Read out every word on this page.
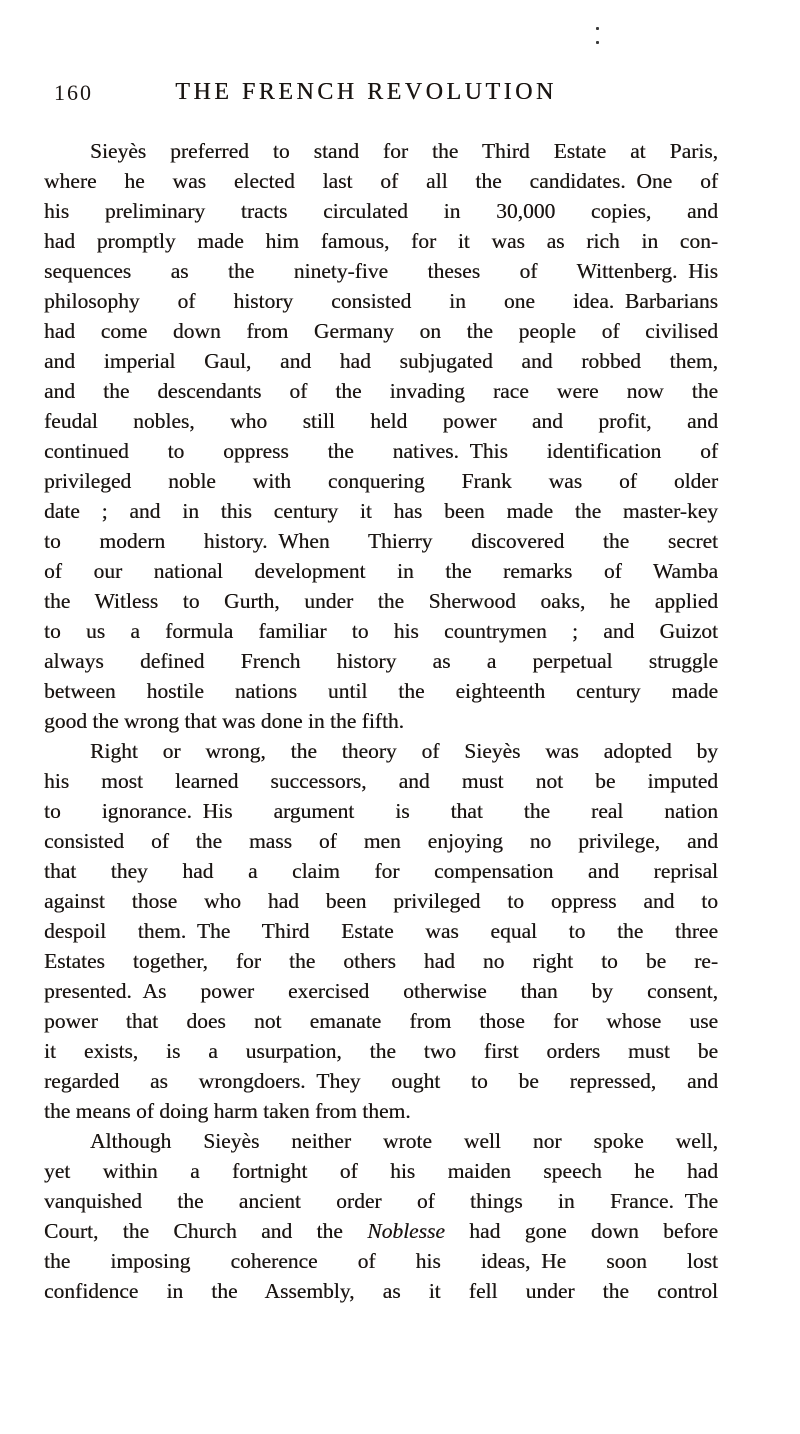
160	THE FRENCH REVOLUTION
Sieyès preferred to stand for the Third Estate at Paris,
where he was elected last of all the candidates. One of
his preliminary tracts circulated in 30,000 copies, and
had promptly made him famous, for it was as rich in con-
sequences as the ninety-five theses of Wittenberg. His
philosophy of history consisted in one idea. Barbarians
had come down from Germany on the people of civilised
and imperial Gaul, and had subjugated and robbed them,
and the descendants of the invading race were now the
feudal nobles, who still held power and profit, and
continued to oppress the natives. This identification of
privileged noble with conquering Frank was of older
date ; and in this century it has been made the master-key
to modern history. When Thierry discovered the secret
of our national development in the remarks of Wamba
the Witless to Gurth, under the Sherwood oaks, he applied
to us a formula familiar to his countrymen ; and Guizot
always defined French history as a perpetual struggle
between hostile nations until the eighteenth century made
good the wrong that was done in the fifth.
Right or wrong, the theory of Sieyès was adopted by
his most learned successors, and must not be imputed
to ignorance. His argument is that the real nation
consisted of the mass of men enjoying no privilege, and
that they had a claim for compensation and reprisal
against those who had been privileged to oppress and to
despoil them. The Third Estate was equal to the three
Estates together, for the others had no right to be re-
presented. As power exercised otherwise than by consent,
power that does not emanate from those for whose use
it exists, is a usurpation, the two first orders must be
regarded as wrongdoers. They ought to be repressed, and
the means of doing harm taken from them.
Although Sieyès neither wrote well nor spoke well,
yet within a fortnight of his maiden speech he had
vanquished the ancient order of things in France. The
Court, the Church and the Noblesse had gone down before
the imposing coherence of his ideas, He soon lost
confidence in the Assembly, as it fell under the control
